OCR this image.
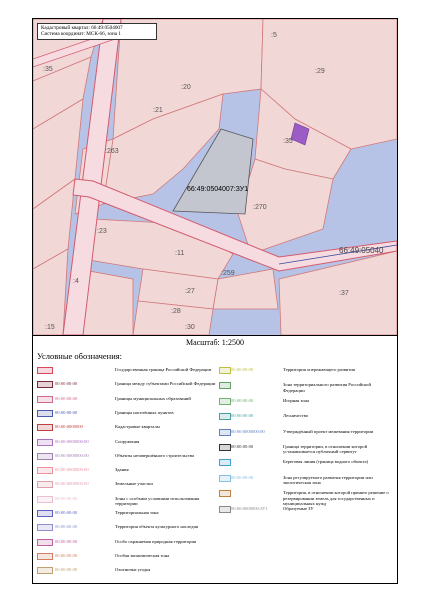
:5
:35	:29
:20
:21
:263
:35
:270
:23
:11
:259
:4
:27	:37
:28
:15	:30
66:49:0504007:ЗУ1
66:49:05040
Кадастровый квартал: 66:49:0504007
Система координат: МСК-66, зона 1
Масштаб: 1:2500
Условные обозначения:
Государственная граница Российской Федерации
00:00:00:00	Граница между субъектами Российской Федерации
00:00:00:00	Границы муниципальных образований
00:00:00:00	Границы населённых пунктов
00:00:0000000	Кадастровые кварталы
00:00:0000000:00	Сооружения
00:00:0000000:00	Объекты незавершённого строительства
00:00:0000000:00	Здания
00:00:0000000:00	Земельные участки
00:00:00:00	Зоны с особыми условиями использования территории
00:00:00:00	Территориальная зона
00:00:00:00	Территория объекта культурного наследия
00:00:00:00	Особо охраняемая природная территория
00:00:00:00	Особая экономическая зона
00:00:00:00	Охотничьи угодья
00:00:00:00	Территория опережающего развития
Зона территориального развития Российской Федерации
00:00:00:00	Игорная зона
00:00:00:00	Лесничество
00:00:0000000:00	Утверждённый проект межевания территории
00:00:00:00	Граница территории, в отношении которой устанавливается публичный сервитут
Береговая линия (граница водного объекта)
00:00:00:00	Зона регулируемого развития территории или экологическая зона
Территория, в отношении которой принято решение о резервировании земель для государственных и муниципальных нужд
00:00:0000000:ЗУ1	Образуемые ЗУ
